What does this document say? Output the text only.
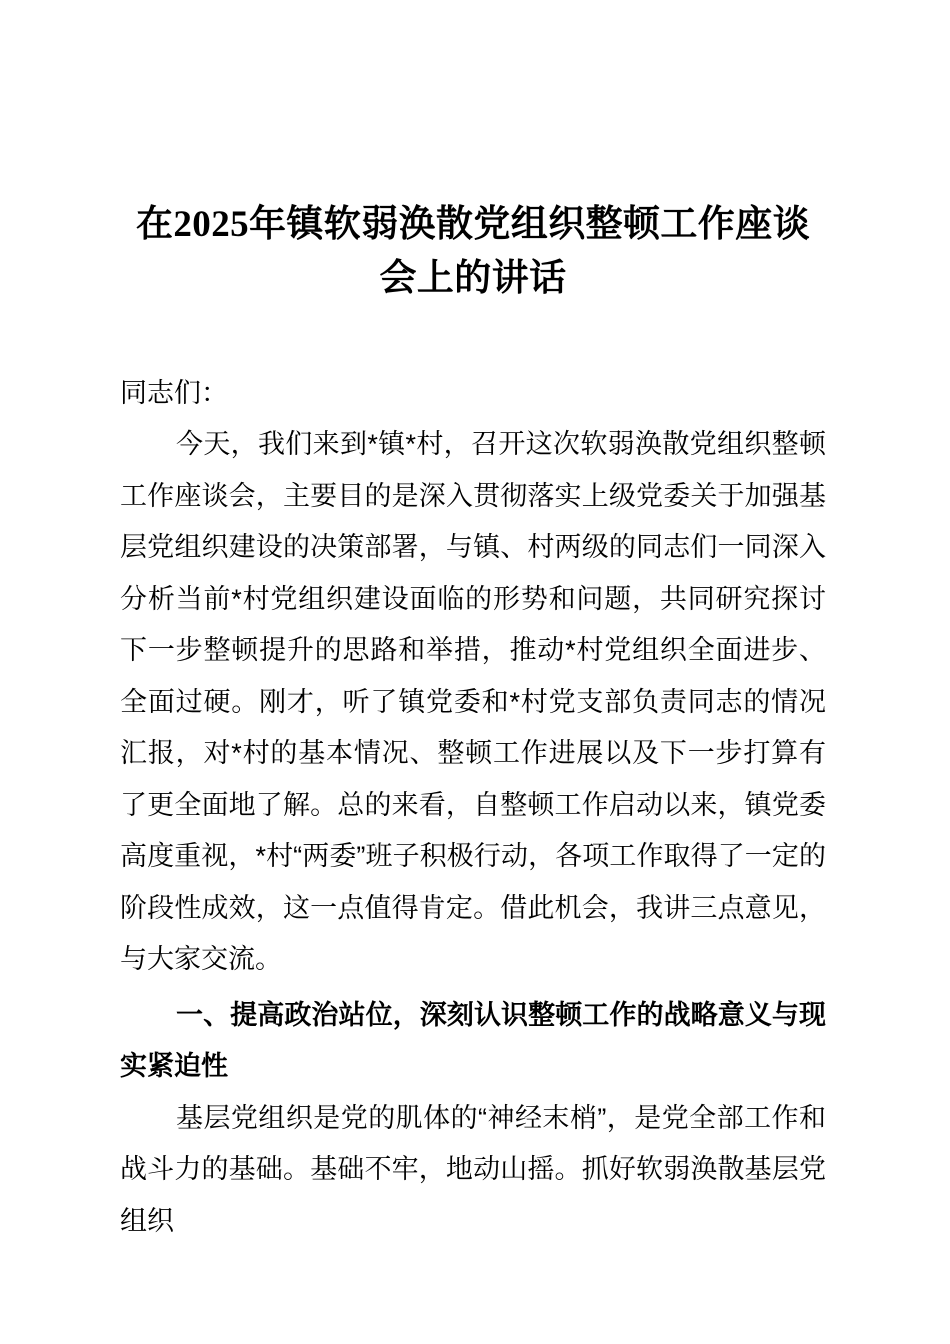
在2025年镇软弱涣散党组织整顿工作座谈会上的讲话

同志们：

今天，我们来到*镇*村，召开这次软弱涣散党组织整顿工作座谈会，主要目的是深入贯彻落实上级党委关于加强基层党组织建设的决策部署，与镇、村两级的同志们一同深入分析当前*村党组织建设面临的形势和问题，共同研究探讨下一步整顿提升的思路和举措，推动*村党组织全面进步、全面过硬。刚才，听了镇党委和*村党支部负责同志的情况汇报，对*村的基本情况、整顿工作进展以及下一步打算有了更全面地了解。总的来看，自整顿工作启动以来，镇党委高度重视，*村“两委”班子积极行动，各项工作取得了一定的阶段性成效，这一点值得肯定。借此机会，我讲三点意见，与大家交流。

一、提高政治站位，深刻认识整顿工作的战略意义与现实紧迫性

基层党组织是党的肌体的“神经末梢”，是党全部工作和战斗力的基础。基础不牢，地动山摇。抓好软弱涣散基层党组织
